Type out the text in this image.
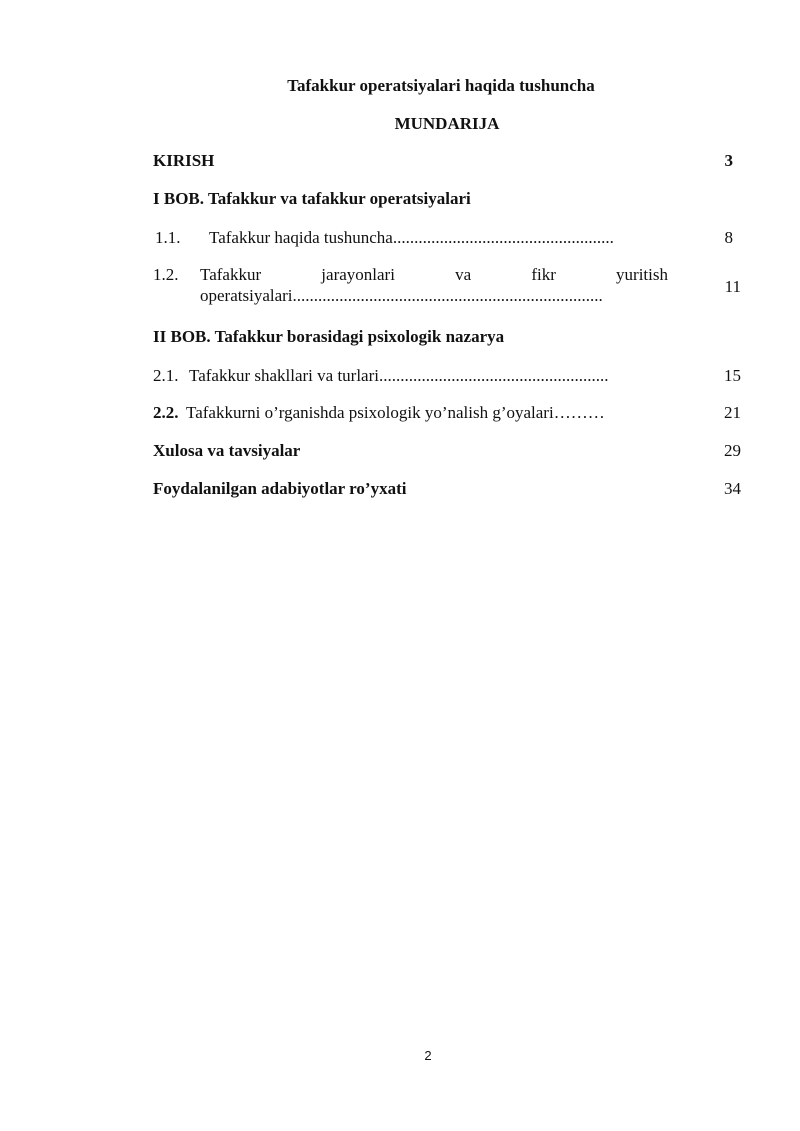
Tafakkur operatsiyalari haqida tushuncha
MUNDARIJA
KIRISH	3
I BOB. Tafakkur va tafakkur operatsiyalari
1.1. Tafakkur haqida tushuncha....................................................	8
1.2. Tafakkur	jarayonlari	va	fikr	yuritish
operatsiyalari.........................................................................	11
II BOB. Tafakkur borasidagi psixologik nazarya
2.1. Tafakkur shakllari va turlari......................................................	15
2.2. Tafakkurni o’rganishda psixologik yo’nalish g’oyalari………	21
Xulosa va tavsiyalar	29
Foydalanilgan adabiyotlar ro’yxati	34
2
